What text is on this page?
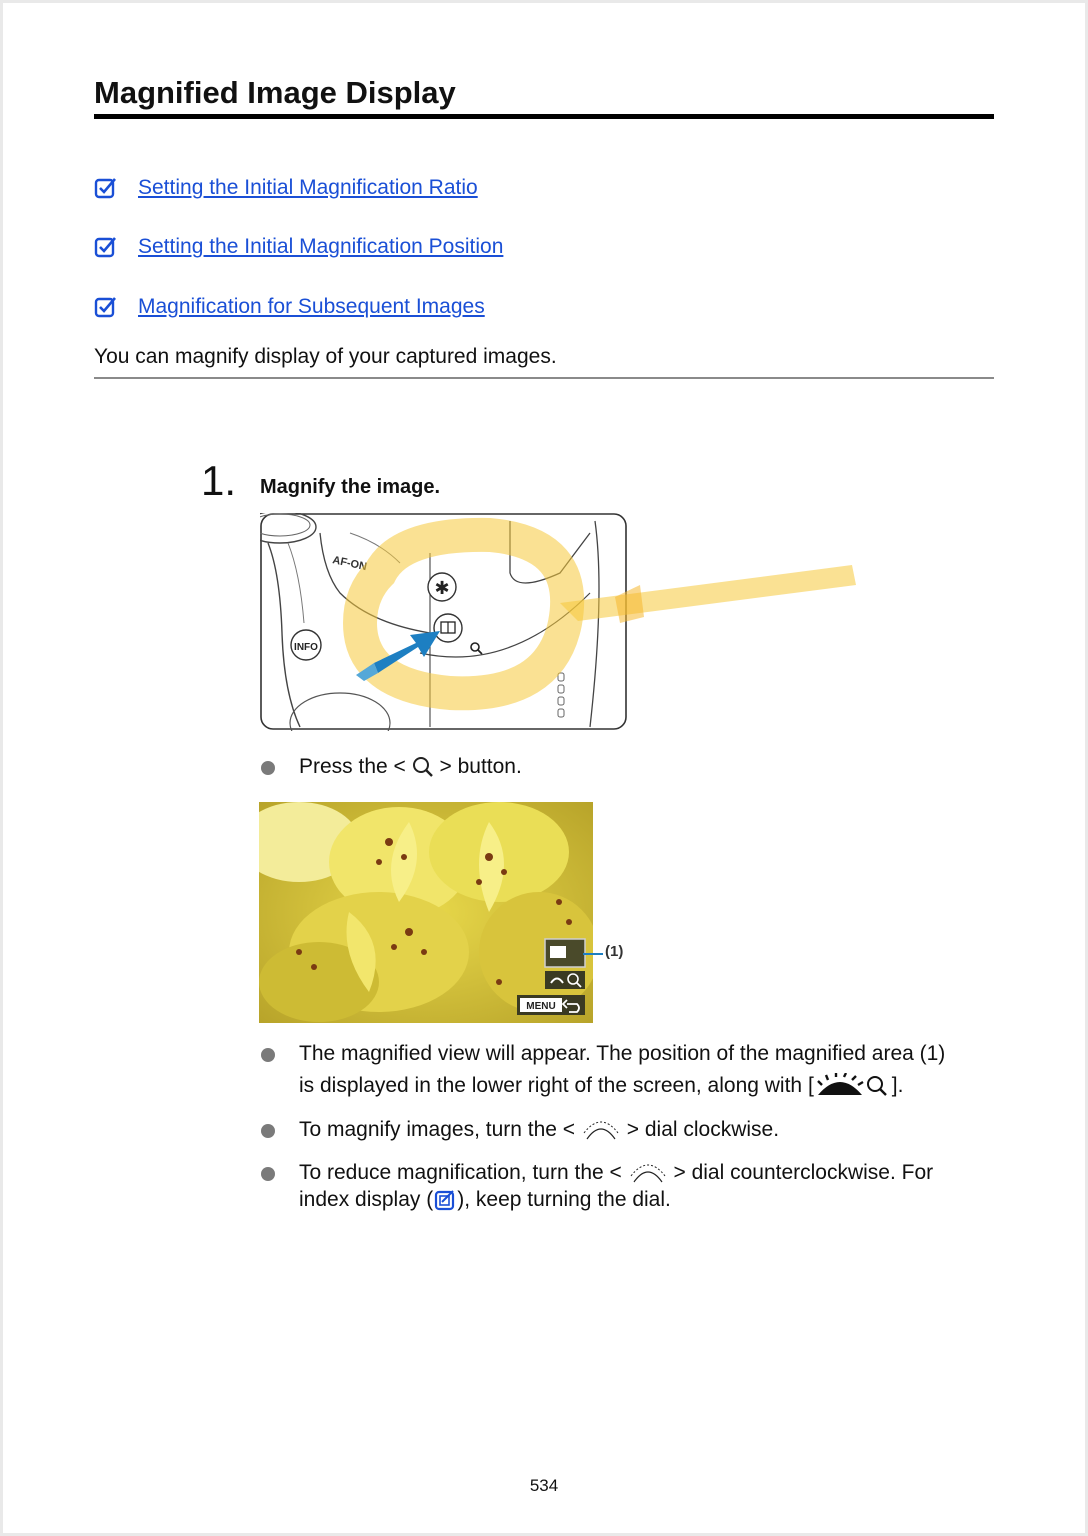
Magnified Image Display
Setting the Initial Magnification Ratio
Setting the Initial Magnification Position
Magnification for Subsequent Images
You can magnify display of your captured images.
1. Magnify the image.
INFO
AF-ON
✱
Press the < > button.
MENU
(1)
The magnified view will appear. The position of the magnified area (1)
is displayed in the lower right of the screen, along with [	].
To magnify images, turn the < > dial clockwise.
To reduce magnification, turn the < > dial counterclockwise. For
index display ( ), keep turning the dial.
534
